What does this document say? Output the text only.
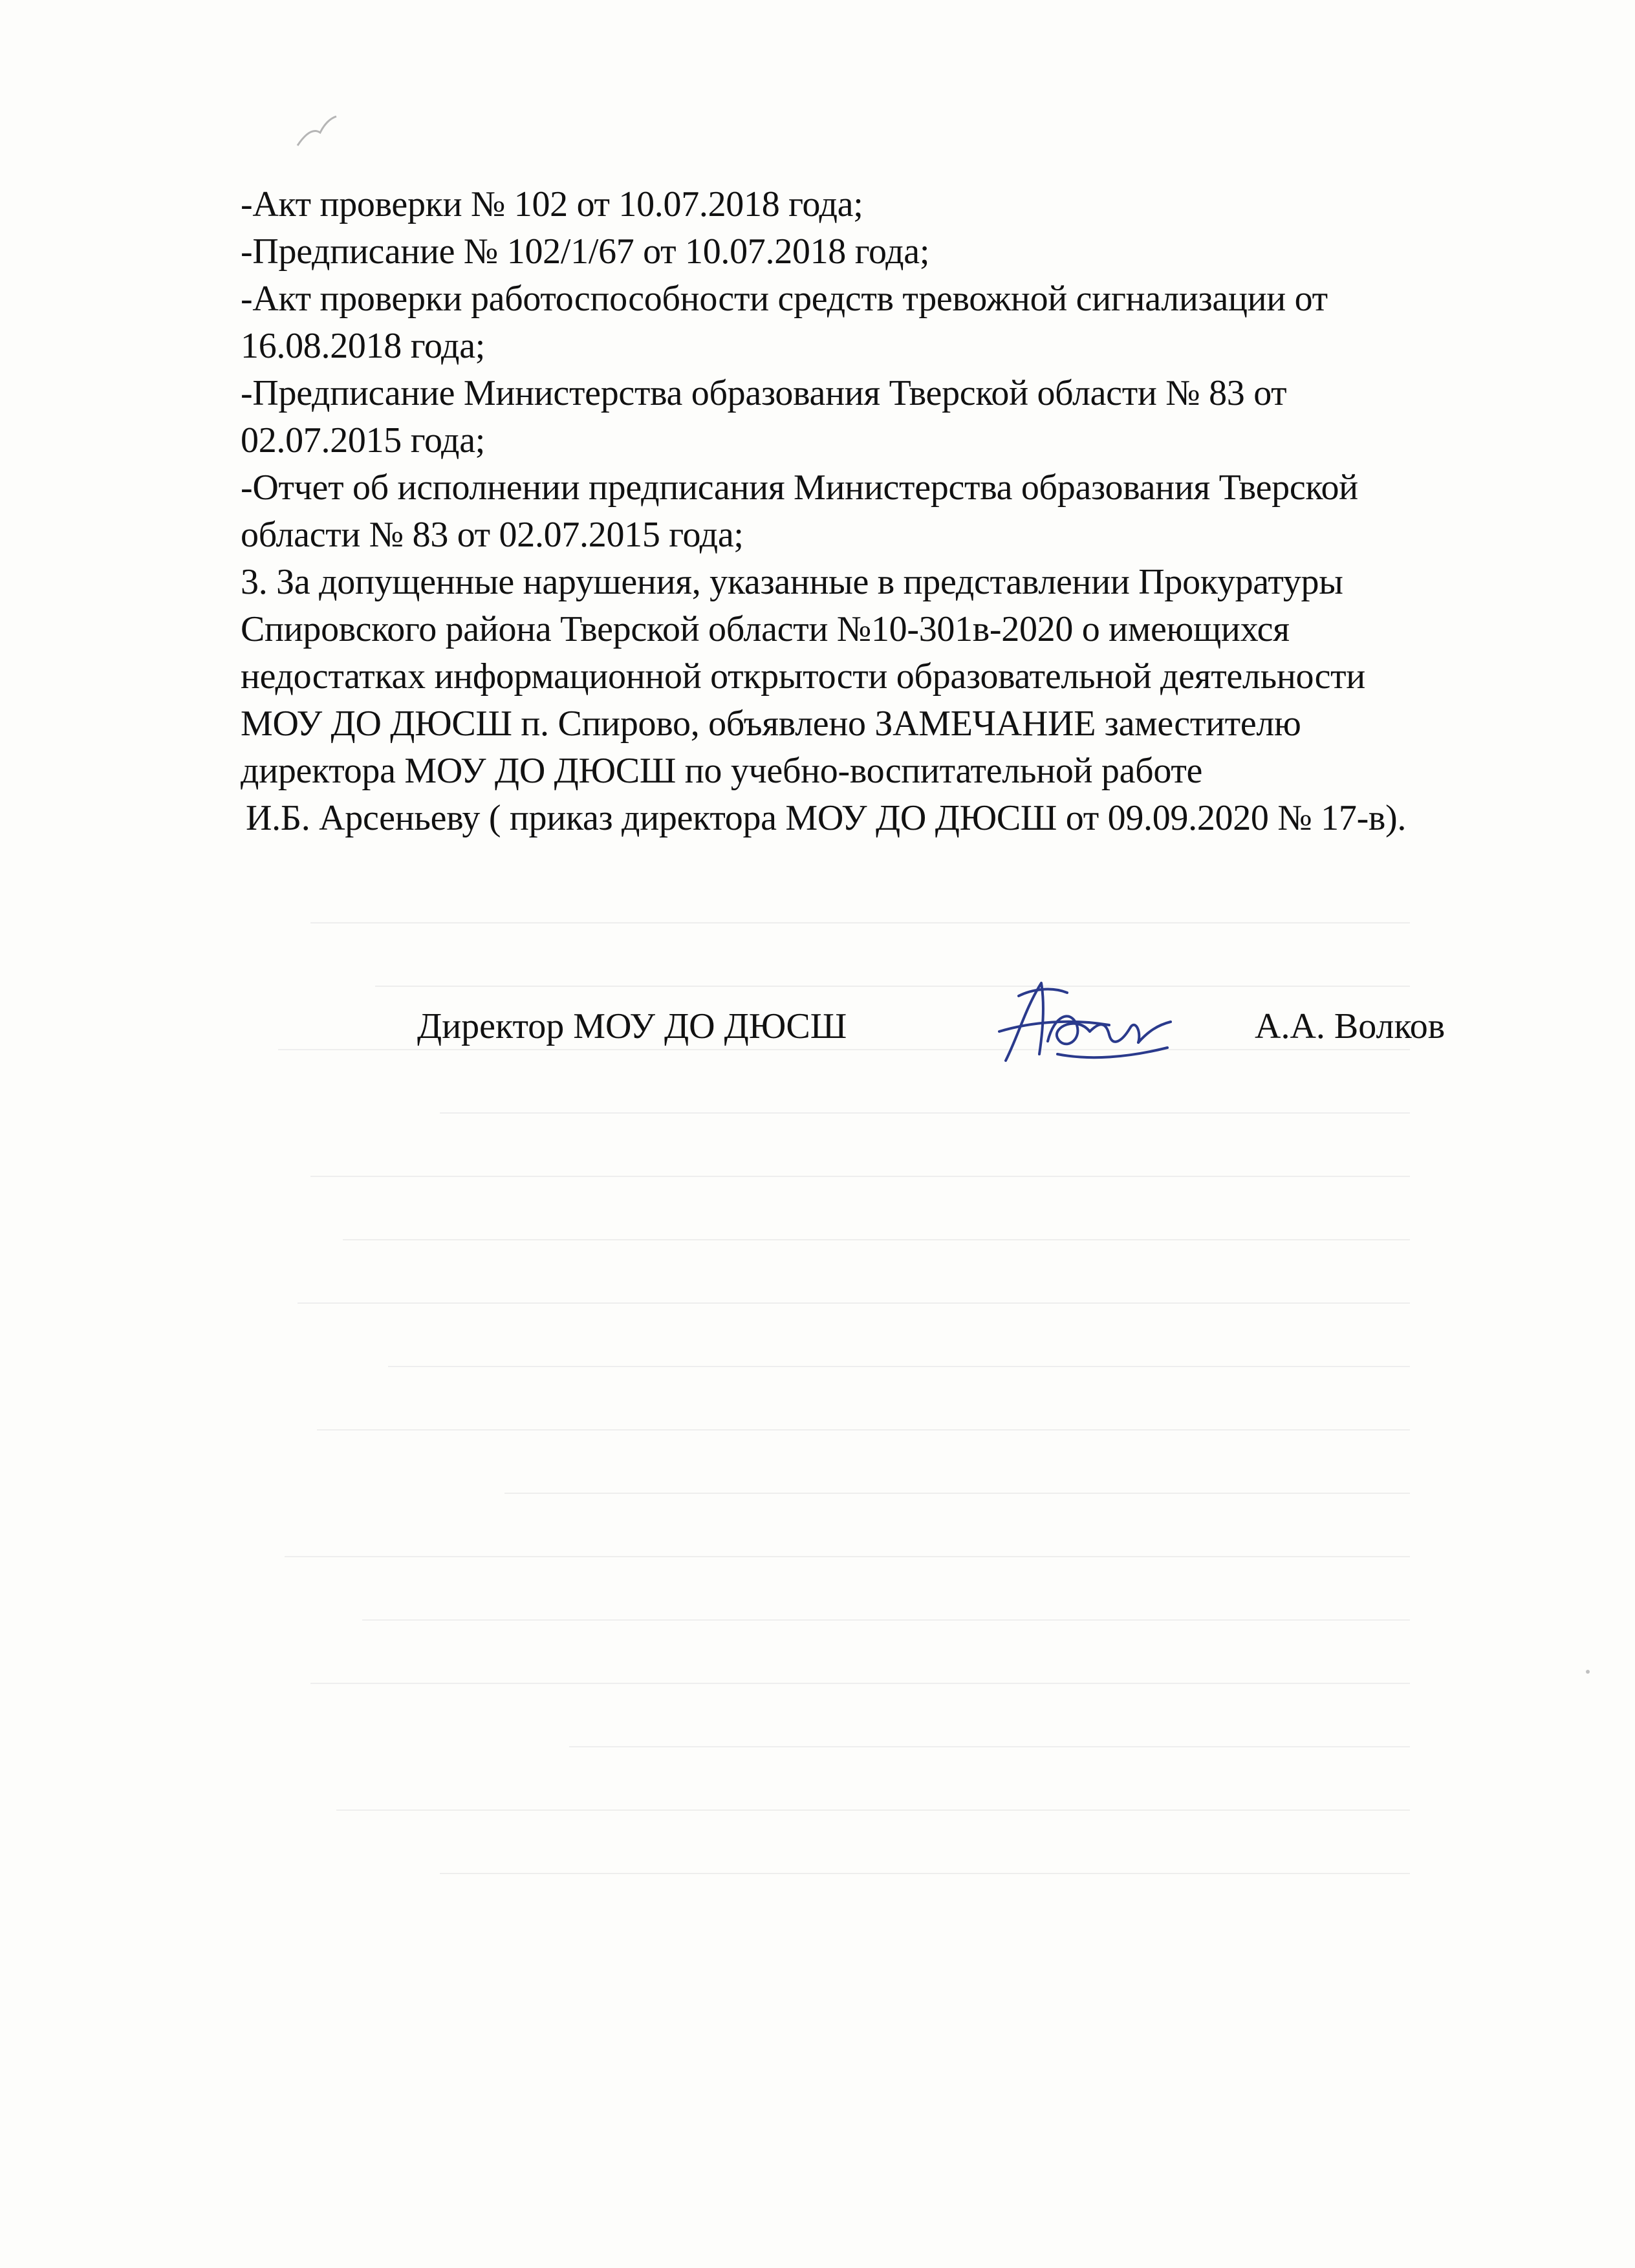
-Акт проверки № 102 от 10.07.2018 года;
-Предписание № 102/1/67 от 10.07.2018 года;
-Акт проверки работоспособности средств тревожной сигнализации от
16.08.2018 года;
-Предписание Министерства образования Тверской области № 83 от
02.07.2015 года;
-Отчет об исполнении предписания Министерства образования Тверской
области № 83 от 02.07.2015 года;
3. За допущенные нарушения, указанные в представлении Прокуратуры
Спировского района Тверской области №10-301в-2020 о имеющихся
недостатках информационной открытости образовательной деятельности
МОУ ДО ДЮСШ п. Спирово, объявлено ЗАМЕЧАНИЕ заместителю
директора МОУ ДО ДЮСШ по учебно-воспитательной работе
И.Б. Арсеньеву ( приказ директора МОУ ДО ДЮСШ от 09.09.2020 № 17-в).
Директор МОУ ДО ДЮСШ	А.А. Волков
